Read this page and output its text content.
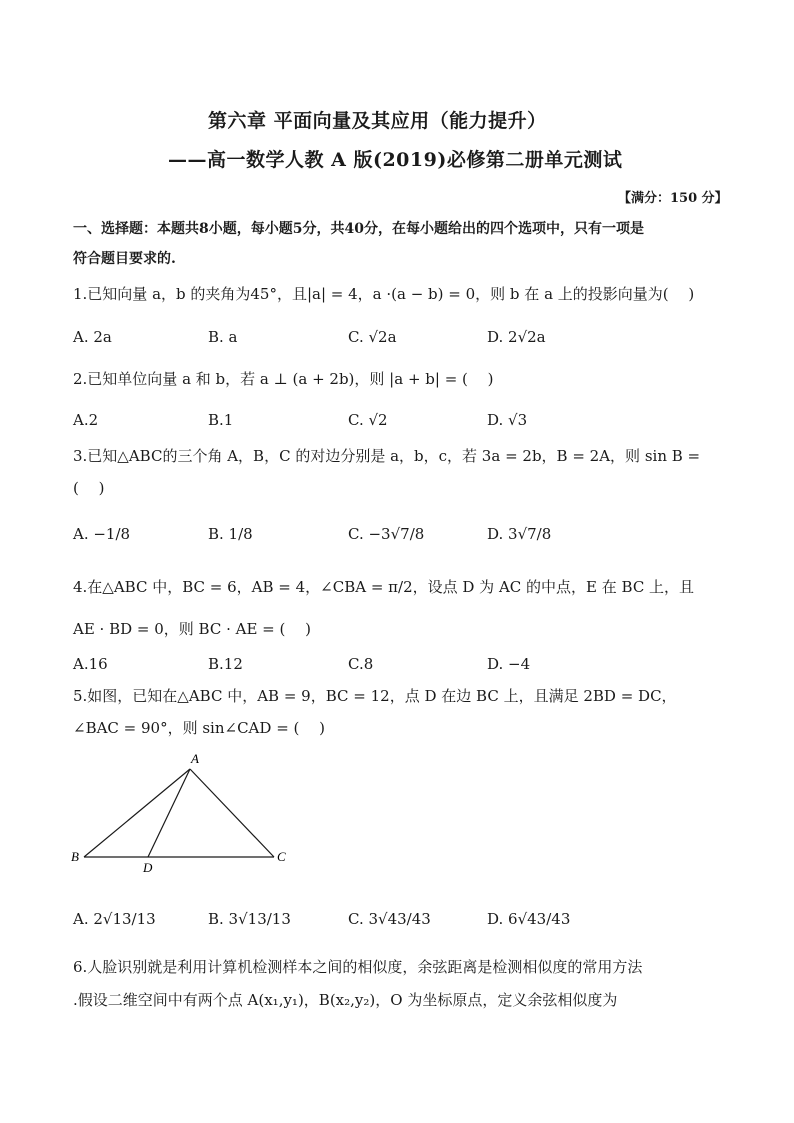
第六章 平面向量及其应用（能力提升）
——高一数学人教 A 版(2019)必修第二册单元测试
【满分：150 分】
一、选择题：本题共8小题，每小题5分，共40分，在每小题给出的四个选项中，只有一项是
符合题目要求的.
1.已知向量 a，b 的夹角为45°，且|a| = 4，a ·(a − b) = 0，则 b 在 a 上的投影向量为(　 )
A. 2a	B. a	C. √2a	D. 2√2a
2.已知单位向量 a 和 b，若 a ⊥ (a + 2b)，则 |a + b| = (　 )
A.2	B.1	C. √2	D. √3
3.已知△ABC的三个角 A，B，C 的对边分别是 a，b，c，若 3a = 2b，B = 2A，则 sin B =
(　 )
A. −1/8	B. 1/8	C. −3√7/8	D. 3√7/8
4.在△ABC 中，BC = 6，AB = 4，∠CBA = π/2，设点 D 为 AC 的中点，E 在 BC 上，且
AE · BD = 0，则 BC · AE = (　 )
A.16	B.12	C.8	D. −4
5.如图，已知在△ABC 中，AB = 9，BC = 12，点 D 在边 BC 上，且满足 2BD = DC，
∠BAC = 90°，则 sin∠CAD = (　 )
A
B	C
D
A. 2√13/13	B. 3√13/13	C. 3√43/43	D. 6√43/43
6.人脸识别就是利用计算机检测样本之间的相似度，余弦距离是检测相似度的常用方法
.假设二维空间中有两个点 A(x₁,y₁)，B(x₂,y₂)，O 为坐标原点，定义余弦相似度为
